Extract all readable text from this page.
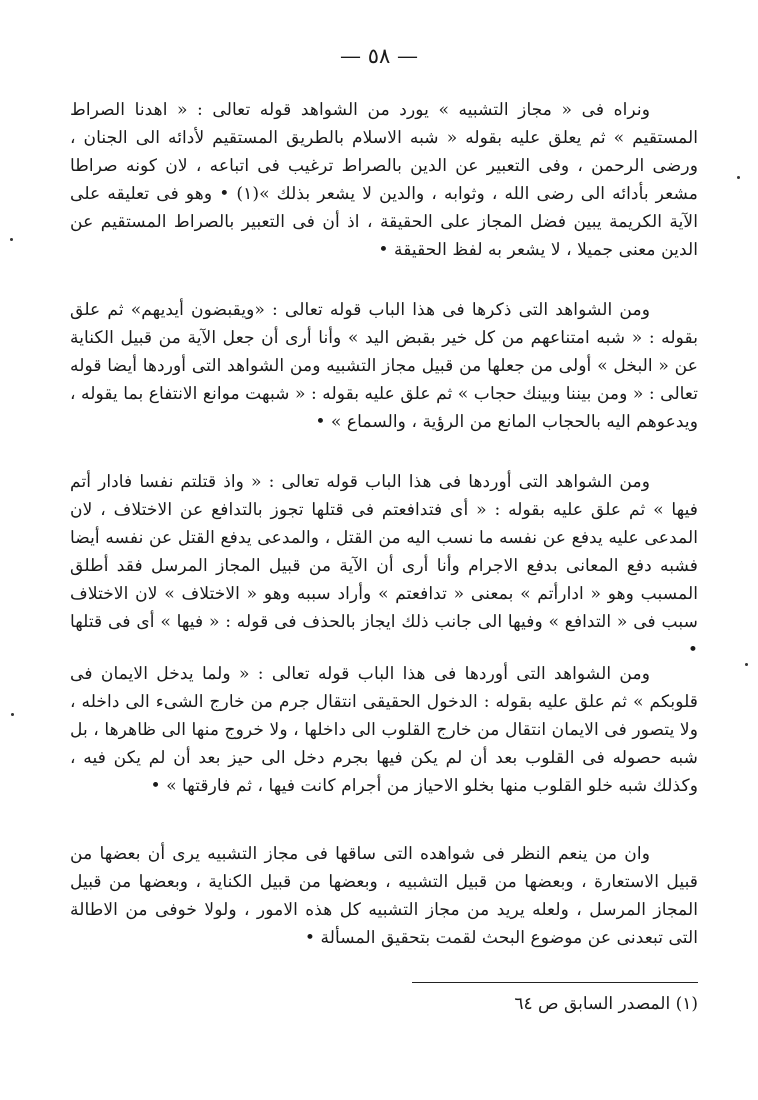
— ٥٨ —

ونراه فى « مجاز التشبيه » يورد من الشواهد قوله تعالى : « اهدنا الصراط المستقيم » ثم يعلق عليه بقوله « شبه الاسلام بالطريق المستقيم لأدائه الى الجنان ، ورضى الرحمن ، وفى التعبير عن الدين بالصراط ترغيب فى اتباعه ، لان كونه صراطا مشعر بأدائه الى رضى الله ، وثوابه ، والدين لا يشعر بذلك »(١) • وهو فى تعليقه على الآية الكريمة يبين فضل المجاز على الحقيقة ، اذ أن فى التعبير بالصراط المستقيم عن الدين معنى جميلا ، لا يشعر به لفظ الحقيقة •

ومن الشواهد التى ذكرها فى هذا الباب قوله تعالى : «ويقبضون أيديهم» ثم علق بقوله : « شبه امتناعهم من كل خير بقبض اليد » وأنا أرى أن جعل الآية من قبيل الكناية عن « البخل » أولى من جعلها من قبيل مجاز التشبيه ومن الشواهد التى أوردها أيضا قوله تعالى : « ومن بيننا وبينك حجاب » ثم علق عليه بقوله : « شبهت موانع الانتفاع بما يقوله ، ويدعوهم اليه بالحجاب المانع من الرؤية ، والسماع » •

ومن الشواهد التى أوردها فى هذا الباب قوله تعالى : « واذ قتلتم نفسا فادار أتم فيها » ثم علق عليه بقوله : « أى فتدافعتم فى قتلها تجوز بالتدافع عن الاختلاف ، لان المدعى عليه يدفع عن نفسه ما نسب اليه من القتل ، والمدعى يدفع القتل عن نفسه أيضا فشبه دفع المعانى بدفع الاجرام وأنا أرى أن الآية من قبيل المجاز المرسل فقد أطلق المسبب وهو « ادارأتم » بمعنى « تدافعتم » وأراد سببه وهو « الاختلاف » لان الاختلاف سبب فى « التدافع » وفيها الى جانب ذلك ايجاز بالحذف فى قوله : « فيها » أى فى قتلها •

ومن الشواهد التى أوردها فى هذا الباب قوله تعالى : « ولما يدخل الايمان فى قلوبكم » ثم علق عليه بقوله : الدخول الحقيقى انتقال جرم من خارج الشىء الى داخله ، ولا يتصور فى الايمان انتقال من خارج القلوب الى داخلها ، ولا خروج منها الى ظاهرها ، بل شبه حصوله فى القلوب بعد أن لم يكن فيها بجرم دخل الى حيز بعد أن لم يكن فيه ، وكذلك شبه خلو القلوب منها بخلو الاحياز من أجرام كانت فيها ، ثم فارقتها » •

وان من ينعم النظر فى شواهده التى ساقها فى مجاز التشبيه يرى أن بعضها من قبيل الاستعارة ، وبعضها من قبيل التشبيه ، وبعضها من قبيل الكناية ، وبعضها من قبيل المجاز المرسل ، ولعله يريد من مجاز التشبيه كل هذه الامور ، ولولا خوفى من الاطالة التى تبعدنى عن موضوع البحث لقمت بتحقيق المسألة •

(١) المصدر السابق ص ٦٤
